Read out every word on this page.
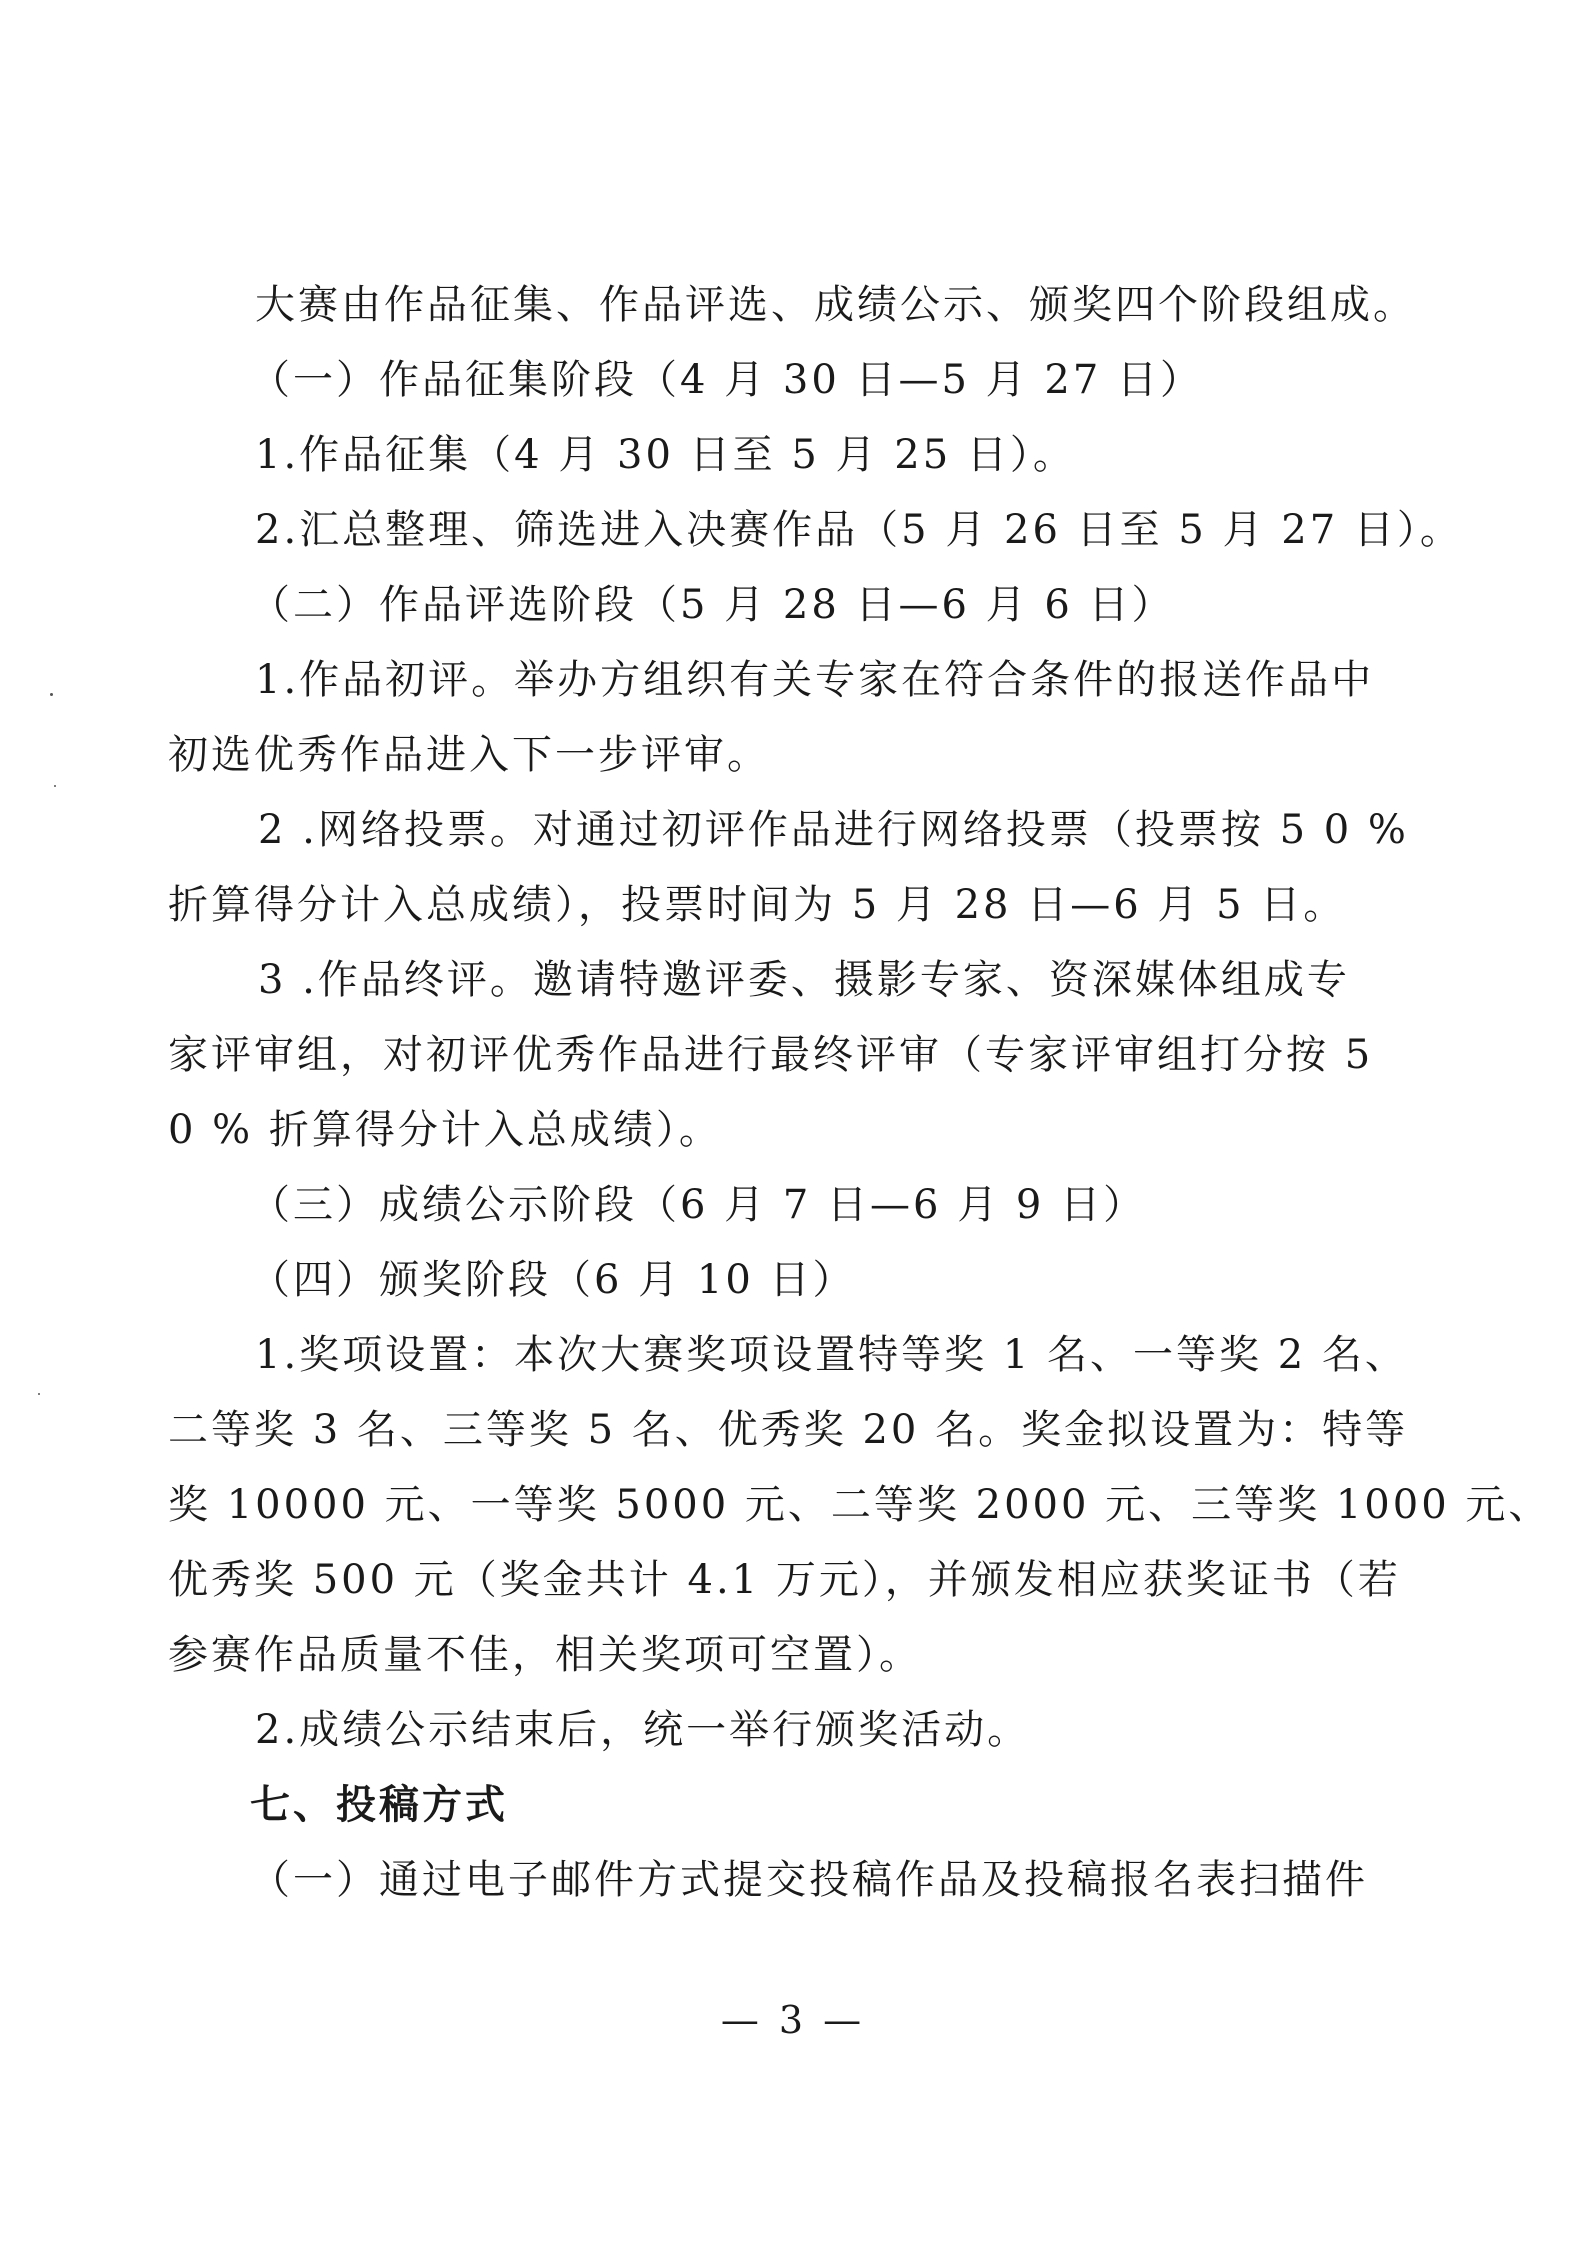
大赛由作品征集、作品评选、成绩公示、颁奖四个阶段组成。
（一）作品征集阶段（4 月 30 日—5 月 27 日）
1.作品征集（4 月 30 日至 5 月 25 日）。
2.汇总整理、筛选进入决赛作品（5 月 26 日至 5 月 27 日）。
（二）作品评选阶段（5 月 28 日—6 月 6 日）
1.作品初评。举办方组织有关专家在符合条件的报送作品中
初选优秀作品进入下一步评审。
2 .网络投票。对通过初评作品进行网络投票（投票按 5 0 %
折算得分计入总成绩），投票时间为 5 月 28 日—6 月 5 日。
3 .作品终评。邀请特邀评委、摄影专家、资深媒体组成专
家评审组，对初评优秀作品进行最终评审（专家评审组打分按 5
0 % 折算得分计入总成绩）。
（三）成绩公示阶段（6 月 7 日—6 月 9 日）
（四）颁奖阶段（6 月 10 日）
1.奖项设置：本次大赛奖项设置特等奖 1 名、一等奖 2 名、
二等奖 3 名、三等奖 5 名、优秀奖 20 名。奖金拟设置为：特等
奖 10000 元、一等奖 5000 元、二等奖 2000 元、三等奖 1000 元、
优秀奖 500 元（奖金共计 4.1 万元），并颁发相应获奖证书（若
参赛作品质量不佳，相关奖项可空置）。
2.成绩公示结束后，统一举行颁奖活动。
七、投稿方式
（一）通过电子邮件方式提交投稿作品及投稿报名表扫描件
— 3 —
